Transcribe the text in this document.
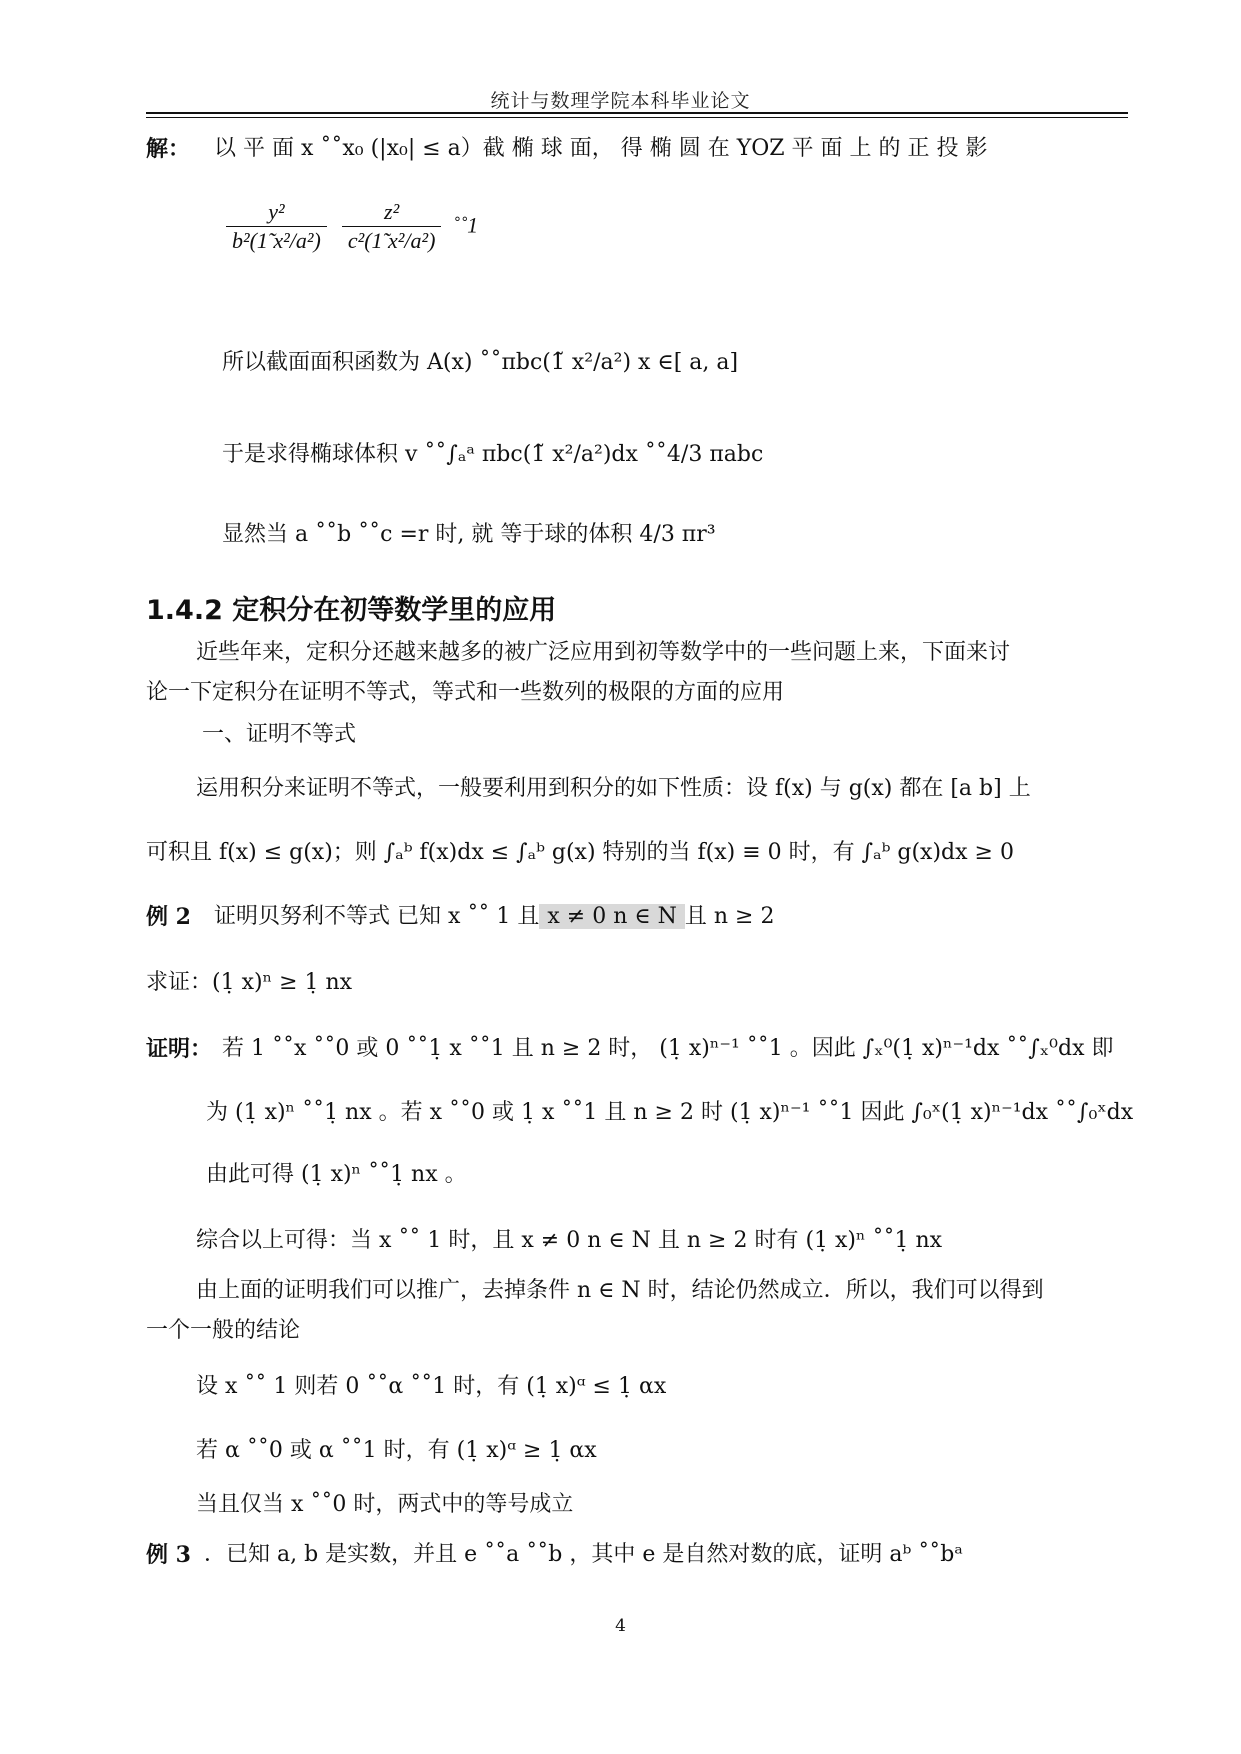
统计与数理学院本科毕业论文
解： 以 平 面 x ˚˚x₀ (|x₀| ≤ a）截 椭 球 面， 得 椭 圆 在 YOZ 平 面 上 的 正 投 影
$\frac{\text{y²}}{\text{b²(1̃ x²/a²)}}$
$\frac{\text{z²}}{\text{c²(1̃ x²/a²)}}$ ˚˚1
所以截面面积函数为 A(x) ˚˚πbc(1̃ x²/a²) x ∈[ a, a]
于是求得椭球体积 v ˚˚∫ₐᵃ πbc(1̃ x²/a²)dx ˚˚4/3 πabc
显然当 a ˚˚b ˚˚c =r 时, 就 等于球的体积 4/3 πr³
1.4.2 定积分在初等数学里的应用
近些年来，定积分还越来越多的被广泛应用到初等数学中的一些问题上来，下面来讨
论一下定积分在证明不等式，等式和一些数列的极限的方面的应用
一、证明不等式
运用积分来证明不等式，一般要利用到积分的如下性质：设 f(x) 与 g(x) 都在 [a b] 上
可积且 f(x) ≤ g(x)；则 ∫ₐᵇ f(x)dx ≤ ∫ₐᵇ g(x) 特别的当 f(x) ≡ 0 时，有 ∫ₐᵇ g(x)dx ≥ 0
例 2 证明贝努利不等式 已知 x ˚˚ 1 且 x ≠ 0 n ∈ N 且 n ≥ 2
求证：(1̣ x)ⁿ ≥ 1̣ nx
证明： 若 1 ˚˚x ˚˚0 或 0 ˚˚1̣ x ˚˚1 且 n ≥ 2 时， (1̣ x)ⁿ⁻¹ ˚˚1 。因此 ∫ₓ⁰(1̣ x)ⁿ⁻¹dx ˚˚∫ₓ⁰dx 即
为 (1̣ x)ⁿ ˚˚1̣ nx 。若 x ˚˚0 或 1̣ x ˚˚1 且 n ≥ 2 时 (1̣ x)ⁿ⁻¹ ˚˚1 因此 ∫₀ˣ(1̣ x)ⁿ⁻¹dx ˚˚∫₀ˣdx
由此可得 (1̣ x)ⁿ ˚˚1̣ nx 。
综合以上可得：当 x ˚˚ 1 时，且 x ≠ 0 n ∈ N 且 n ≥ 2 时有 (1̣ x)ⁿ ˚˚1̣ nx
由上面的证明我们可以推广，去掉条件 n ∈ N 时，结论仍然成立．所以，我们可以得到
一个一般的结论
设 x ˚˚ 1 则若 0 ˚˚α ˚˚1 时，有 (1̣ x)ᵅ ≤ 1̣ αx
若 α ˚˚0 或 α ˚˚1 时，有 (1̣ x)ᵅ ≥ 1̣ αx
当且仅当 x ˚˚0 时，两式中的等号成立
例 3 ．已知 a, b 是实数，并且 e ˚˚a ˚˚b ，其中 e 是自然对数的底，证明 aᵇ ˚˚bᵃ
4
